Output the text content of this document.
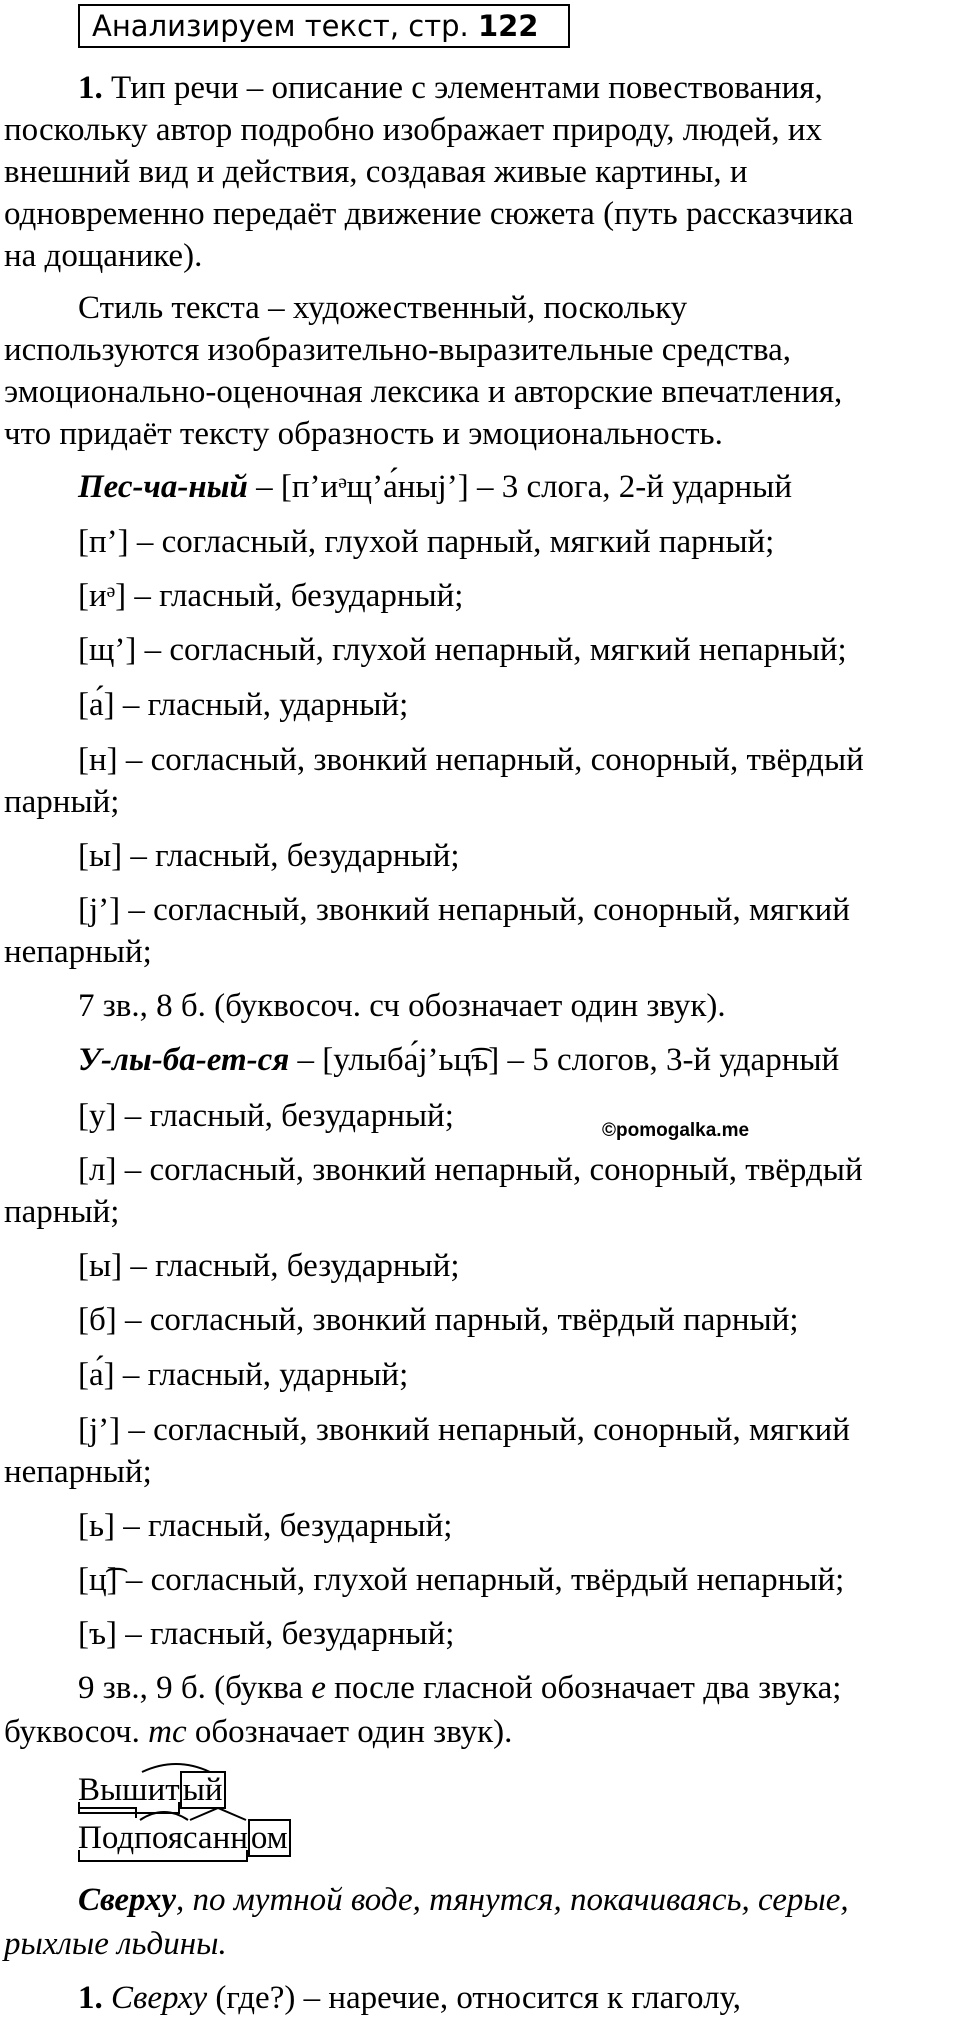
Анализируем текст, стр. 122
1. Тип речи – описание с элементами повествования,
поскольку автор подробно изображает природу, людей, их
внешний вид и действия, создавая живые картины, и
одновременно передаёт движение сюжета (путь рассказчика
на дощанике).
Стиль текста – художественный, поскольку
используются изобразительно-выразительные средства,
эмоционально-оценочная лексика и авторские впечатления,
что придаёт тексту образность и эмоциональность.
Пес-ча-ный – [п’иᵊщ’а́ныj’] – 3 слога, 2-й ударный
[п’] – согласный, глухой парный, мягкий парный;
[иᵊ] – гласный, безударный;
[щ’] – согласный, глухой непарный, мягкий непарный;
[а́] – гласный, ударный;
[н] – согласный, звонкий непарный, сонорный, твёрдый
парный;
[ы] – гласный, безударный;
[j’] – согласный, звонкий непарный, сонорный, мягкий
непарный;
7 зв., 8 б. (буквосоч. сч обозначает один звук).
У-лы-ба-ет-ся – [улыба́j’ьц͡ъ] – 5 слогов, 3-й ударный
[у] – гласный, безударный;	©pomogalka.me
[л] – согласный, звонкий непарный, сонорный, твёрдый
парный;
[ы] – гласный, безударный;
[б] – согласный, звонкий парный, твёрдый парный;
[а́] – гласный, ударный;
[j’] – согласный, звонкий непарный, сонорный, мягкий
непарный;
[ь] – гласный, безударный;
[ц͡] – согласный, глухой непарный, твёрдый непарный;
[ъ] – гласный, безударный;
9 зв., 9 б. (буква е после гласной обозначает два звука;
буквосоч. тс обозначает один звук).
Вышит
ый
Подпоясанн
ом
Сверху, по мутной воде, тянутся, покачиваясь, серые,
рыхлые льдины.
1. Сверху (где?) – наречие, относится к глаголу,
